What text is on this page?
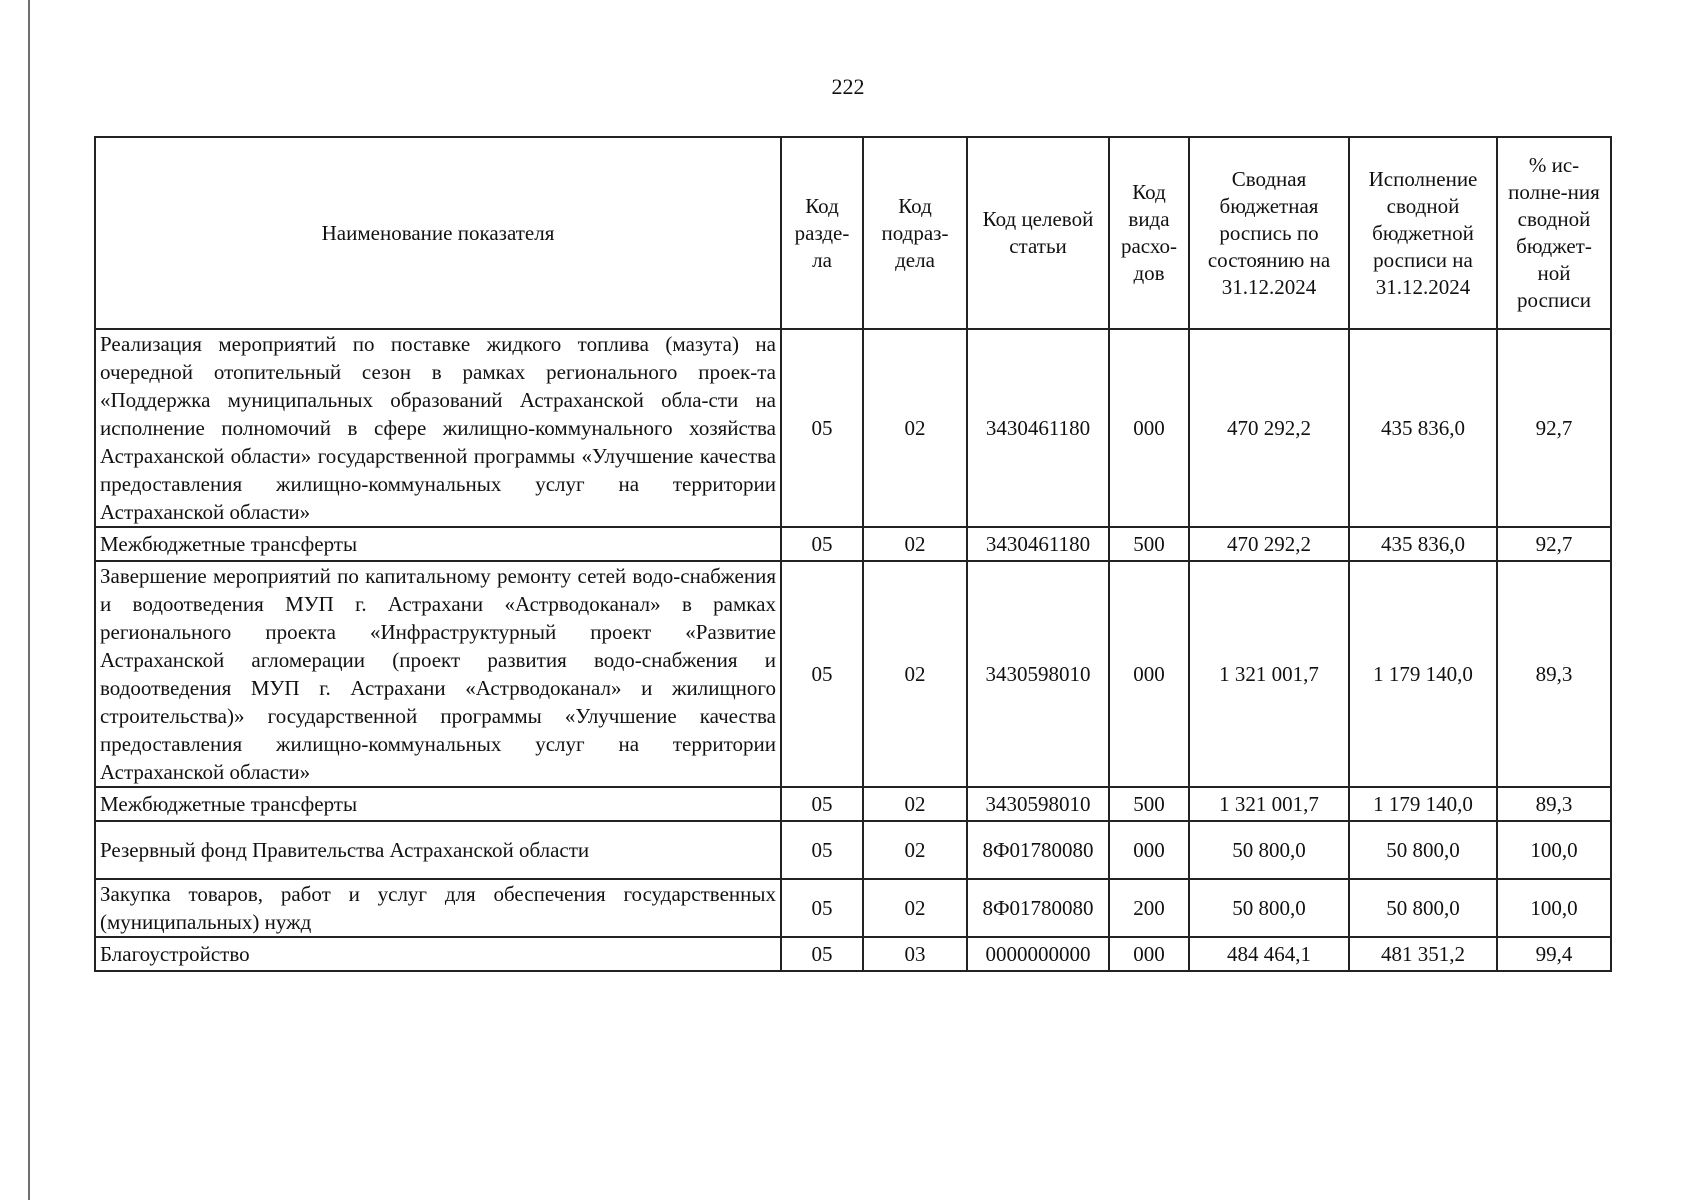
222
Наименование показателя	Код разде-ла	Код подраз-дела	Код целевой статьи	Код вида расхо-дов	Сводная бюджетная роспись по состоянию на 31.12.2024	Исполнение сводной бюджетной росписи на 31.12.2024	% ис-полне-ния сводной бюджет-ной росписи
Реализация мероприятий по поставке жидкого топлива (мазута) на очередной отопительный сезон в рамках регионального проек-та «Поддержка муниципальных образований Астраханской обла-сти на исполнение полномочий в сфере жилищно-коммунального хозяйства Астраханской области» государственной программы «Улучшение качества предоставления жилищно-коммунальных услуг на территории Астраханской области»	05	02	3430461180	000	470 292,2	435 836,0	92,7
Межбюджетные трансферты	05	02	3430461180	500	470 292,2	435 836,0	92,7
Завершение мероприятий по капитальному ремонту сетей водо-снабжения и водоотведения МУП г. Астрахани «Астрводоканал» в рамках регионального проекта «Инфраструктурный проект «Развитие Астраханской агломерации (проект развития водо-снабжения и водоотведения МУП г. Астрахани «Астрводоканал» и жилищного строительства)» государственной программы «Улучшение качества предоставления жилищно-коммунальных услуг на территории Астраханской области»	05	02	3430598010	000	1 321 001,7	1 179 140,0	89,3
Межбюджетные трансферты	05	02	3430598010	500	1 321 001,7	1 179 140,0	89,3
Резервный фонд Правительства Астраханской области	05	02	8Ф01780080	000	50 800,0	50 800,0	100,0
Закупка товаров, работ и услуг для обеспечения государственных (муниципальных) нужд	05	02	8Ф01780080	200	50 800,0	50 800,0	100,0
Благоустройство	05	03	0000000000	000	484 464,1	481 351,2	99,4
